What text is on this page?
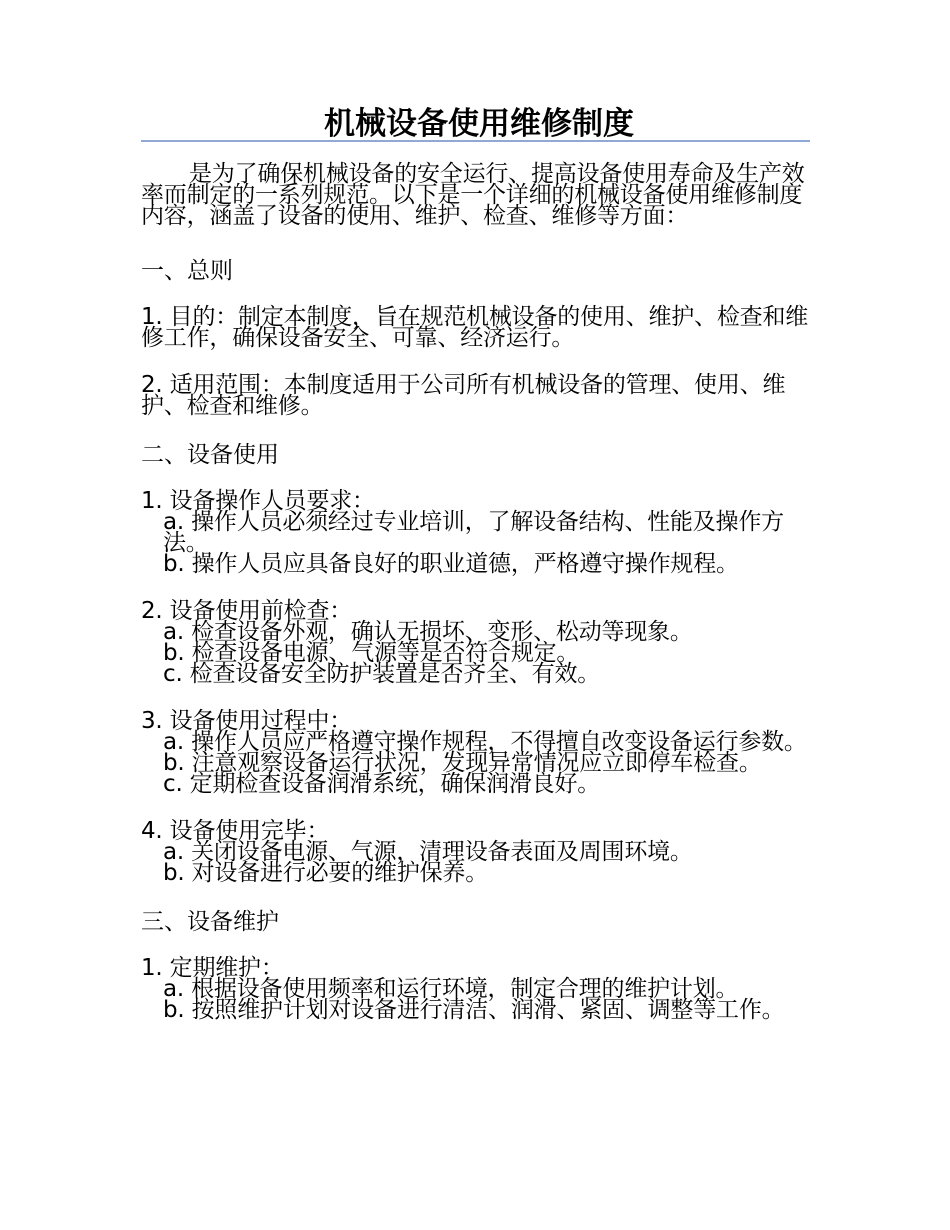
机械设备使用维修制度

是为了确保机械设备的安全运行、提高设备使用寿命及生产效率而制定的一系列规范。以下是一个详细的机械设备使用维修制度内容，涵盖了设备的使用、维护、检查、维修等方面：

一、总则

1. 目的：制定本制度，旨在规范机械设备的使用、维护、检查和维修工作，确保设备安全、可靠、经济运行。

2. 适用范围：本制度适用于公司所有机械设备的管理、使用、维护、检查和维修。

二、设备使用

1. 设备操作人员要求：
a. 操作人员必须经过专业培训，了解设备结构、性能及操作方法。
b. 操作人员应具备良好的职业道德，严格遵守操作规程。
2. 设备使用前检查：
a. 检查设备外观，确认无损坏、变形、松动等现象。
b. 检查设备电源、气源等是否符合规定。
c. 检查设备安全防护装置是否齐全、有效。
3. 设备使用过程中：
a. 操作人员应严格遵守操作规程，不得擅自改变设备运行参数。
b. 注意观察设备运行状况，发现异常情况应立即停车检查。
c. 定期检查设备润滑系统，确保润滑良好。
4. 设备使用完毕：
a. 关闭设备电源、气源，清理设备表面及周围环境。
b. 对设备进行必要的维护保养。

三、设备维护

1. 定期维护：
a. 根据设备使用频率和运行环境，制定合理的维护计划。
b. 按照维护计划对设备进行清洁、润滑、紧固、调整等工作。
